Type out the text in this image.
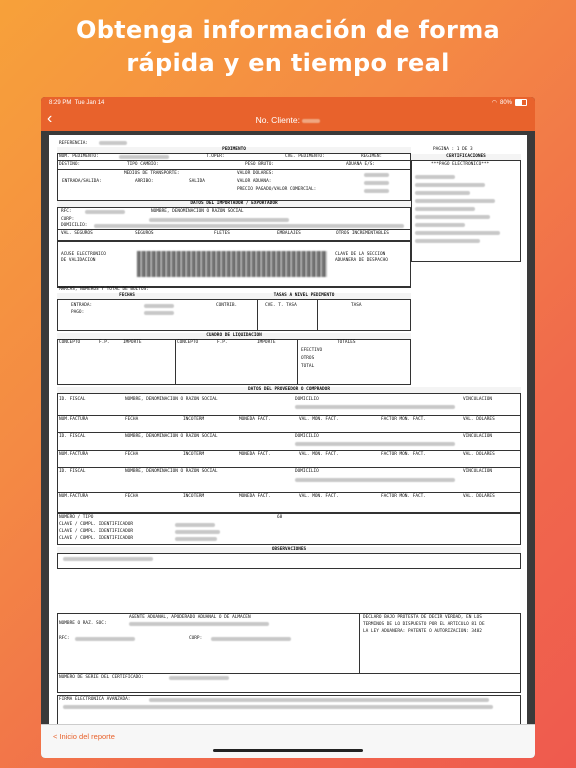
Obtenga información de forma
rápida y en tiempo real
8:29 PM Tue Jan 14	◠ 80%
‹	No. Cliente:
REFERENCIA:
PEDIMENTO
NUM. PEDIMENTO:	T.OPER:	CVE. PEDIMENTO:	REGIMEN:
DESTINO:	TIPO CAMBIO:	PESO BRUTO:	ADUANA E/S:
MEDIOS DE TRANSPORTE:
ENTRADA/SALIDA:	ARRIBO:	SALIDA
VALOR DOLARES:
VALOR ADUANA:
PRECIO PAGADO/VALOR COMERCIAL:
PAGINA : 1 DE 3
CERTIFICACIONES
***PAGO ELECTRONICO***
DATOS DEL IMPORTADOR / EXPORTADOR
RFC:	NOMBRE, DENOMINACION O RAZON SOCIAL
CURP:
DOMICILIO:
VAL. SEGUROS	SEGUROS	FLETES	EMBALAJES	OTROS INCREMENTABLES
ACUSE ELECTRONICO
DE VALIDACION
CLAVE DE LA SECCION
ADUANERA DE DESPACHO
MARCAS, NUMEROS Y TOTAL DE BULTOS:
FECHAS	TASAS A NIVEL PEDIMENTO
ENTRADA:
PAGO:
CONTRIB.	CVE. T. TASA	TASA
CUADRO DE LIQUIDACION
CONCEPTO	F.P.	IMPORTE	CONCEPTO	F.P.	IMPORTE	TOTALES
EFECTIVO
OTROS
TOTAL
DATOS DEL PROVEEDOR O COMPRADOR
ID. FISCAL	NOMBRE, DENOMINACION O RAZON SOCIAL	DOMICILIO	VINCULACION
NUM.FACTURA	FECHA	INCOTERM	MONEDA FACT.	VAL. MON. FACT.	FACTOR MON. FACT.	VAL. DOLARES
ID. FISCAL	NOMBRE, DENOMINACION O RAZON SOCIAL	DOMICILIO	VINCULACION
NUM.FACTURA	FECHA	INCOTERM	MONEDA FACT.	VAL. MON. FACT.	FACTOR MON. FACT.	VAL. DOLARES
ID. FISCAL	NOMBRE, DENOMINACION O RAZON SOCIAL	DOMICILIO	VINCULACION
NUM.FACTURA	FECHA	INCOTERM	MONEDA FACT.	VAL. MON. FACT.	FACTOR MON. FACT.	VAL. DOLARES
NUMERO / TIPO	68
CLAVE / COMPL. IDENTIFICADOR
CLAVE / COMPL. IDENTIFICADOR
CLAVE / COMPL. IDENTIFICADOR
OBSERVACIONES
AGENTE ADUANAL, APODERADO ADUANAL O DE ALMACEN
NOMBRE O RAZ. SOC:
RFC:	CURP:
DECLARO BAJO PROTESTA DE DECIR VERDAD, EN LOS
TERMINOS DE LO DISPUESTO POR EL ARTICULO 81 DE
LA LEY ADUANERA: PATENTE O AUTORIZACION: 3482
NUMERO DE SERIE DEL CERTIFICADO:
FIRMA ELECTRONICA AVANZADA:
< Inicio del reporte
